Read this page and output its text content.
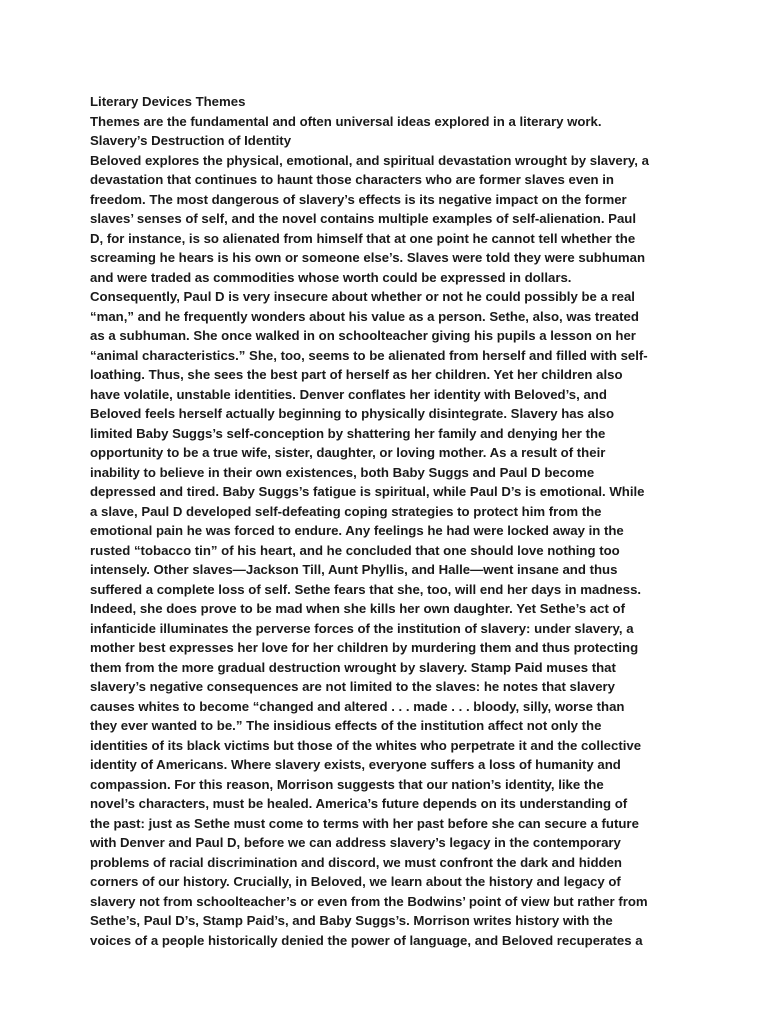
Literary Devices Themes
Themes are the fundamental and often universal ideas explored in a literary work.
Slavery’s Destruction of Identity
Beloved explores the physical, emotional, and spiritual devastation wrought by slavery, a
devastation that continues to haunt those characters who are former slaves even in
freedom. The most dangerous of slavery’s effects is its negative impact on the former
slaves’ senses of self, and the novel contains multiple examples of self-alienation. Paul
D, for instance, is so alienated from himself that at one point he cannot tell whether the
screaming he hears is his own or someone else’s. Slaves were told they were subhuman
and were traded as commodities whose worth could be expressed in dollars.
Consequently, Paul D is very insecure about whether or not he could possibly be a real
“man,” and he frequently wonders about his value as a person. Sethe, also, was treated
as a subhuman. She once walked in on schoolteacher giving his pupils a lesson on her
“animal characteristics.” She, too, seems to be alienated from herself and filled with self-
loathing. Thus, she sees the best part of herself as her children. Yet her children also
have volatile, unstable identities. Denver conflates her identity with Beloved’s, and
Beloved feels herself actually beginning to physically disintegrate. Slavery has also
limited Baby Suggs’s self-conception by shattering her family and denying her the
opportunity to be a true wife, sister, daughter, or loving mother. As a result of their
inability to believe in their own existences, both Baby Suggs and Paul D become
depressed and tired. Baby Suggs’s fatigue is spiritual, while Paul D’s is emotional. While
a slave, Paul D developed self-defeating coping strategies to protect him from the
emotional pain he was forced to endure. Any feelings he had were locked away in the
rusted “tobacco tin” of his heart, and he concluded that one should love nothing too
intensely. Other slaves—Jackson Till, Aunt Phyllis, and Halle—went insane and thus
suffered a complete loss of self. Sethe fears that she, too, will end her days in madness.
Indeed, she does prove to be mad when she kills her own daughter. Yet Sethe’s act of
infanticide illuminates the perverse forces of the institution of slavery: under slavery, a
mother best expresses her love for her children by murdering them and thus protecting
them from the more gradual destruction wrought by slavery. Stamp Paid muses that
slavery’s negative consequences are not limited to the slaves: he notes that slavery
causes whites to become “changed and altered . . . made . . . bloody, silly, worse than
they ever wanted to be.” The insidious effects of the institution affect not only the
identities of its black victims but those of the whites who perpetrate it and the collective
identity of Americans. Where slavery exists, everyone suffers a loss of humanity and
compassion. For this reason, Morrison suggests that our nation’s identity, like the
novel’s characters, must be healed. America’s future depends on its understanding of
the past: just as Sethe must come to terms with her past before she can secure a future
with Denver and Paul D, before we can address slavery’s legacy in the contemporary
problems of racial discrimination and discord, we must confront the dark and hidden
corners of our history. Crucially, in Beloved, we learn about the history and legacy of
slavery not from schoolteacher’s or even from the Bodwins’ point of view but rather from
Sethe’s, Paul D’s, Stamp Paid’s, and Baby Suggs’s. Morrison writes history with the
voices of a people historically denied the power of language, and Beloved recuperates a
